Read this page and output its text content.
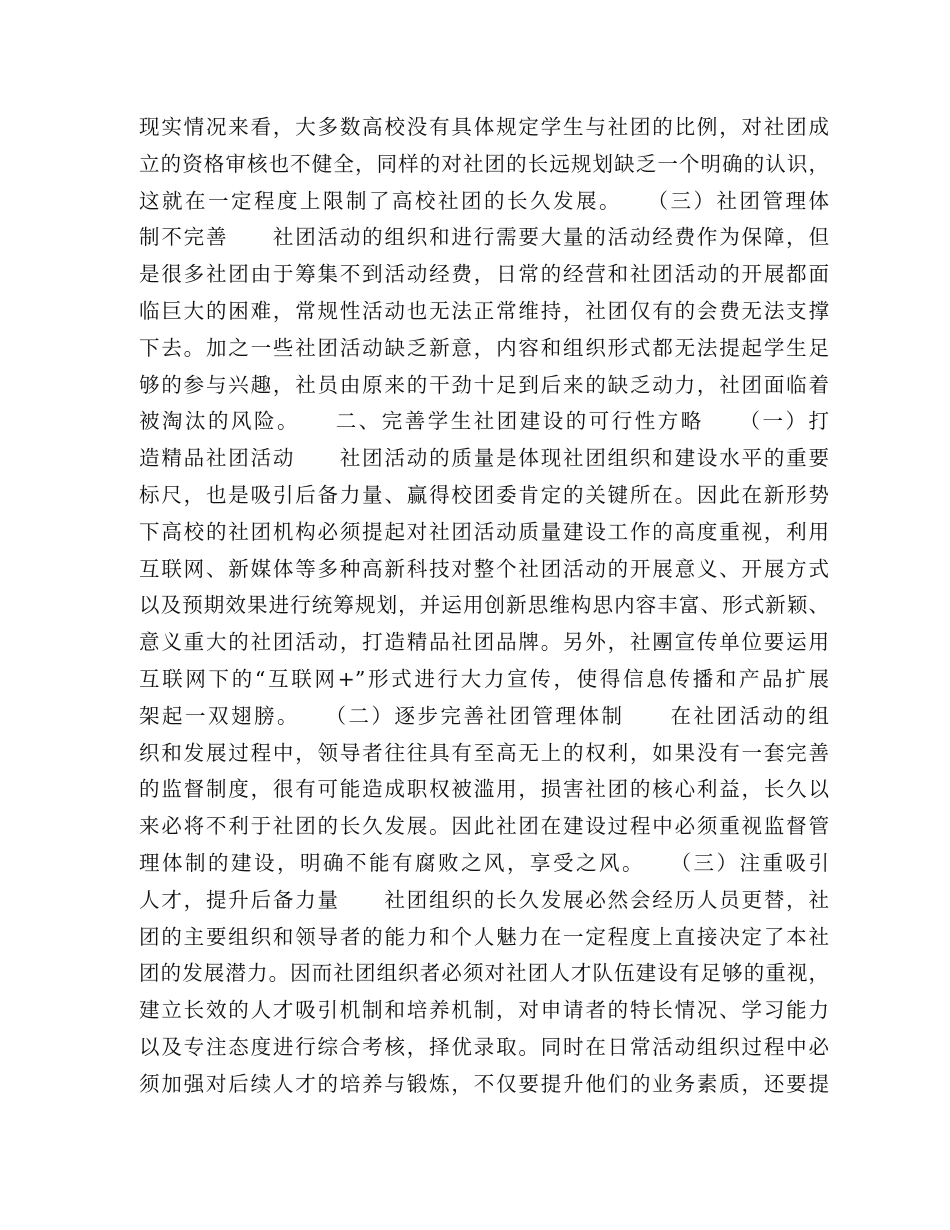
现实情况来看，大多数高校没有具体规定学生与社团的比例，对社团成
立的资格审核也不健全，同样的对社团的长远规划缺乏一个明确的认识，
这就在一定程度上限制了高校社团的长久发展。　　（三）社团管理体
制不完善　　社团活动的组织和进行需要大量的活动经费作为保障，但
是很多社团由于筹集不到活动经费，日常的经营和社团活动的开展都面
临巨大的困难，常规性活动也无法正常维持，社团仅有的会费无法支撑
下去。加之一些社团活动缺乏新意，内容和组织形式都无法提起学生足
够的参与兴趣，社员由原来的干劲十足到后来的缺乏动力，社团面临着
被淘汰的风险。　　二、完善学生社团建设的可行性方略　　（一）打
造精品社团活动　　社团活动的质量是体现社团组织和建设水平的重要
标尺，也是吸引后备力量、赢得校团委肯定的关键所在。因此在新形势
下高校的社团机构必须提起对社团活动质量建设工作的高度重视，利用
互联网、新媒体等多种高新科技对整个社团活动的开展意义、开展方式
以及预期效果进行统筹规划，并运用创新思维构思内容丰富、形式新颖、
意义重大的社团活动，打造精品社团品牌。另外，社團宣传单位要运用
互联网下的“互联网+”形式进行大力宣传，使得信息传播和产品扩展
架起一双翅膀。　　（二）逐步完善社团管理体制　　在社团活动的组
织和发展过程中，领导者往往具有至高无上的权利，如果没有一套完善
的监督制度，很有可能造成职权被滥用，损害社团的核心利益，长久以
来必将不利于社团的长久发展。因此社团在建设过程中必须重视监督管
理体制的建设，明确不能有腐败之风，享受之风。　　（三）注重吸引
人才，提升后备力量　　社团组织的长久发展必然会经历人员更替，社
团的主要组织和领导者的能力和个人魅力在一定程度上直接决定了本社
团的发展潜力。因而社团组织者必须对社团人才队伍建设有足够的重视，
建立长效的人才吸引机制和培养机制，对申请者的特长情况、学习能力
以及专注态度进行综合考核，择优录取。同时在日常活动组织过程中必
须加强对后续人才的培养与锻炼，不仅要提升他们的业务素质，还要提
